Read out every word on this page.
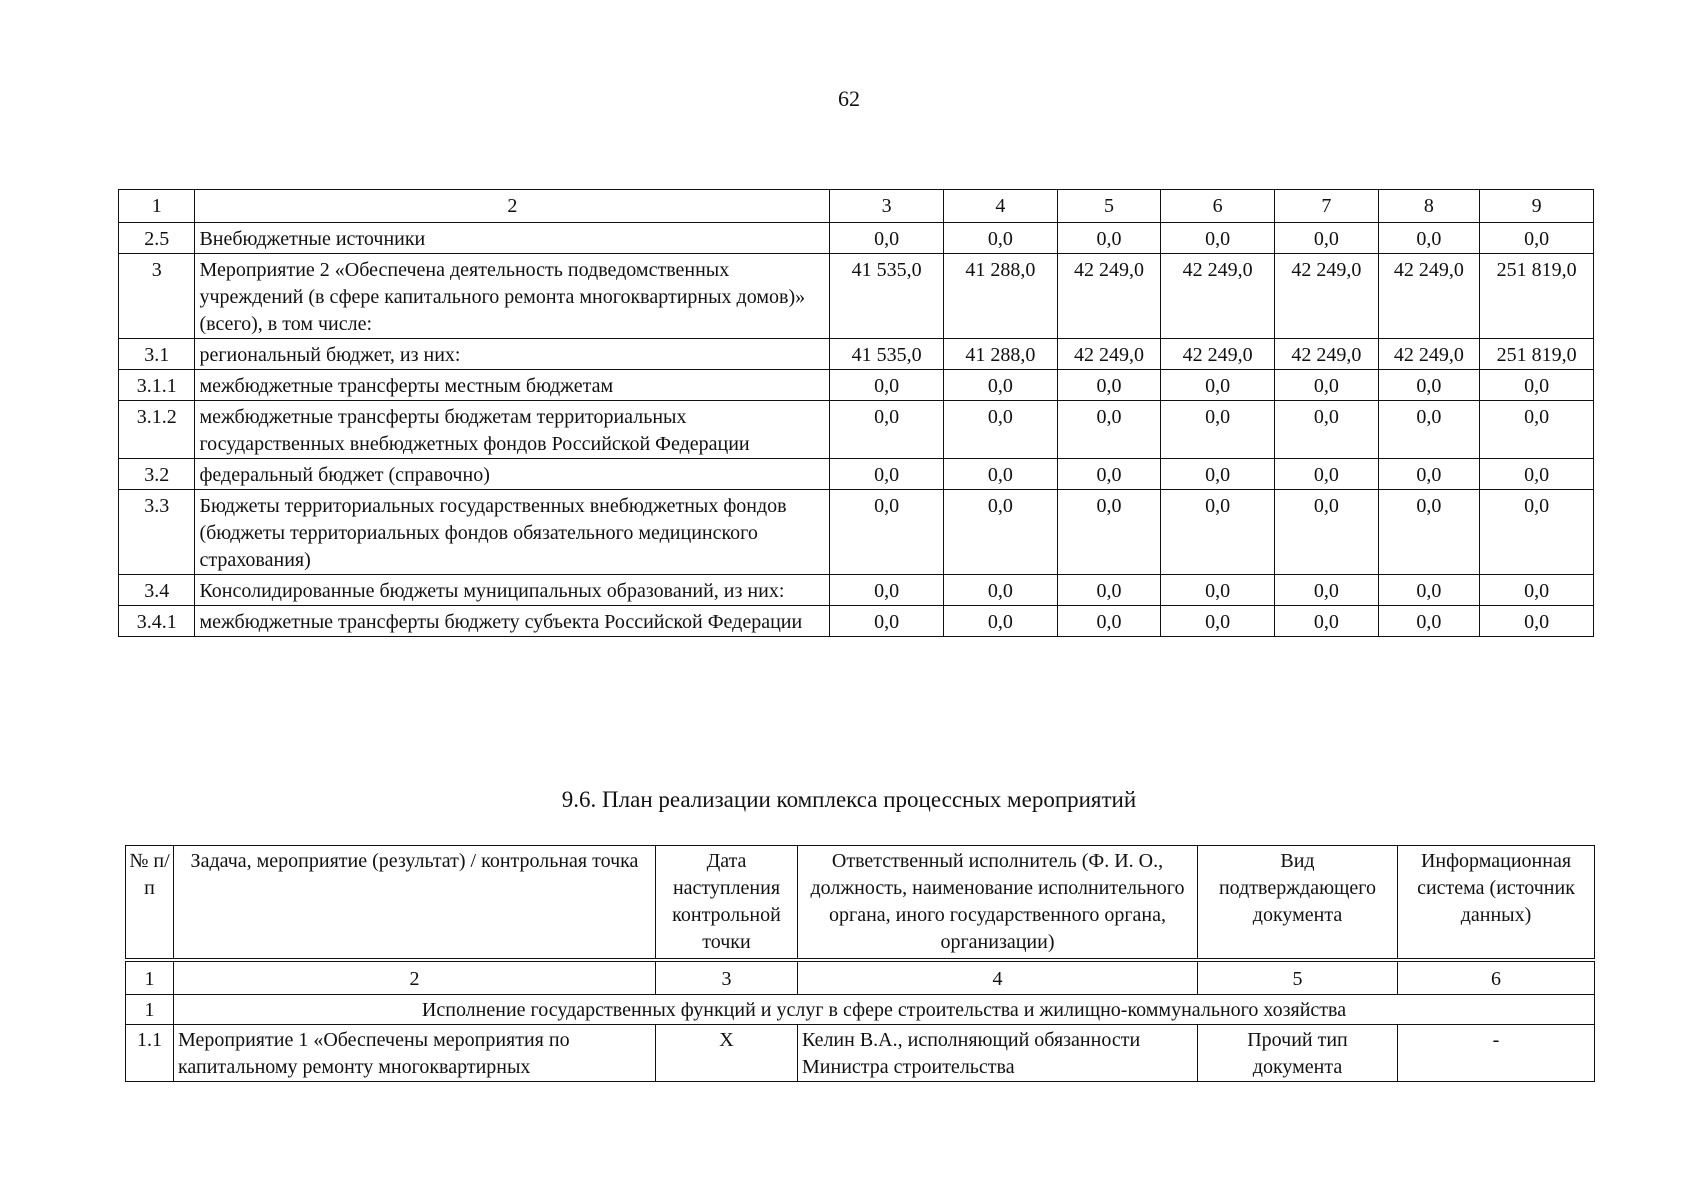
62
1	2	3	4	5	6	7	8	9
2.5	Внебюджетные источники	0,0	0,0	0,0	0,0	0,0	0,0	0,0
3	Мероприятие 2 «Обеспечена деятельность подведомственных учреждений (в сфере капитального ремонта многоквартирных домов)» (всего), в том числе:	41 535,0	41 288,0	42 249,0	42 249,0	42 249,0	42 249,0	251 819,0
3.1	региональный бюджет, из них:	41 535,0	41 288,0	42 249,0	42 249,0	42 249,0	42 249,0	251 819,0
3.1.1	межбюджетные трансферты местным бюджетам	0,0	0,0	0,0	0,0	0,0	0,0	0,0
3.1.2	межбюджетные трансферты бюджетам территориальных государственных внебюджетных фондов Российской Федерации	0,0	0,0	0,0	0,0	0,0	0,0	0,0
3.2	федеральный бюджет (справочно)	0,0	0,0	0,0	0,0	0,0	0,0	0,0
3.3	Бюджеты территориальных государственных внебюджетных фондов (бюджеты территориальных фондов обязательного медицинского страхования)	0,0	0,0	0,0	0,0	0,0	0,0	0,0
3.4	Консолидированные бюджеты муниципальных образований, из них:	0,0	0,0	0,0	0,0	0,0	0,0	0,0
3.4.1	межбюджетные трансферты бюджету субъекта Российской Федерации	0,0	0,0	0,0	0,0	0,0	0,0	0,0
9.6. План реализации комплекса процессных мероприятий
№ п/п	Задача, мероприятие (результат) / контрольная точка	Дата наступления контрольной точки	Ответственный исполнитель (Ф. И. О., должность, наименование исполнительного органа, иного государственного органа, организации)	Вид подтверждающего документа	Информационная система (источник данных)
1	2	3	4	5	6
1	Исполнение государственных функций и услуг в сфере строительства и жилищно-коммунального хозяйства				
1.1	Мероприятие 1 «Обеспечены мероприятия по капитальному ремонту многоквартирных	Х	Келин В.А., исполняющий обязанности Министра строительства	Прочий тип документа	-
